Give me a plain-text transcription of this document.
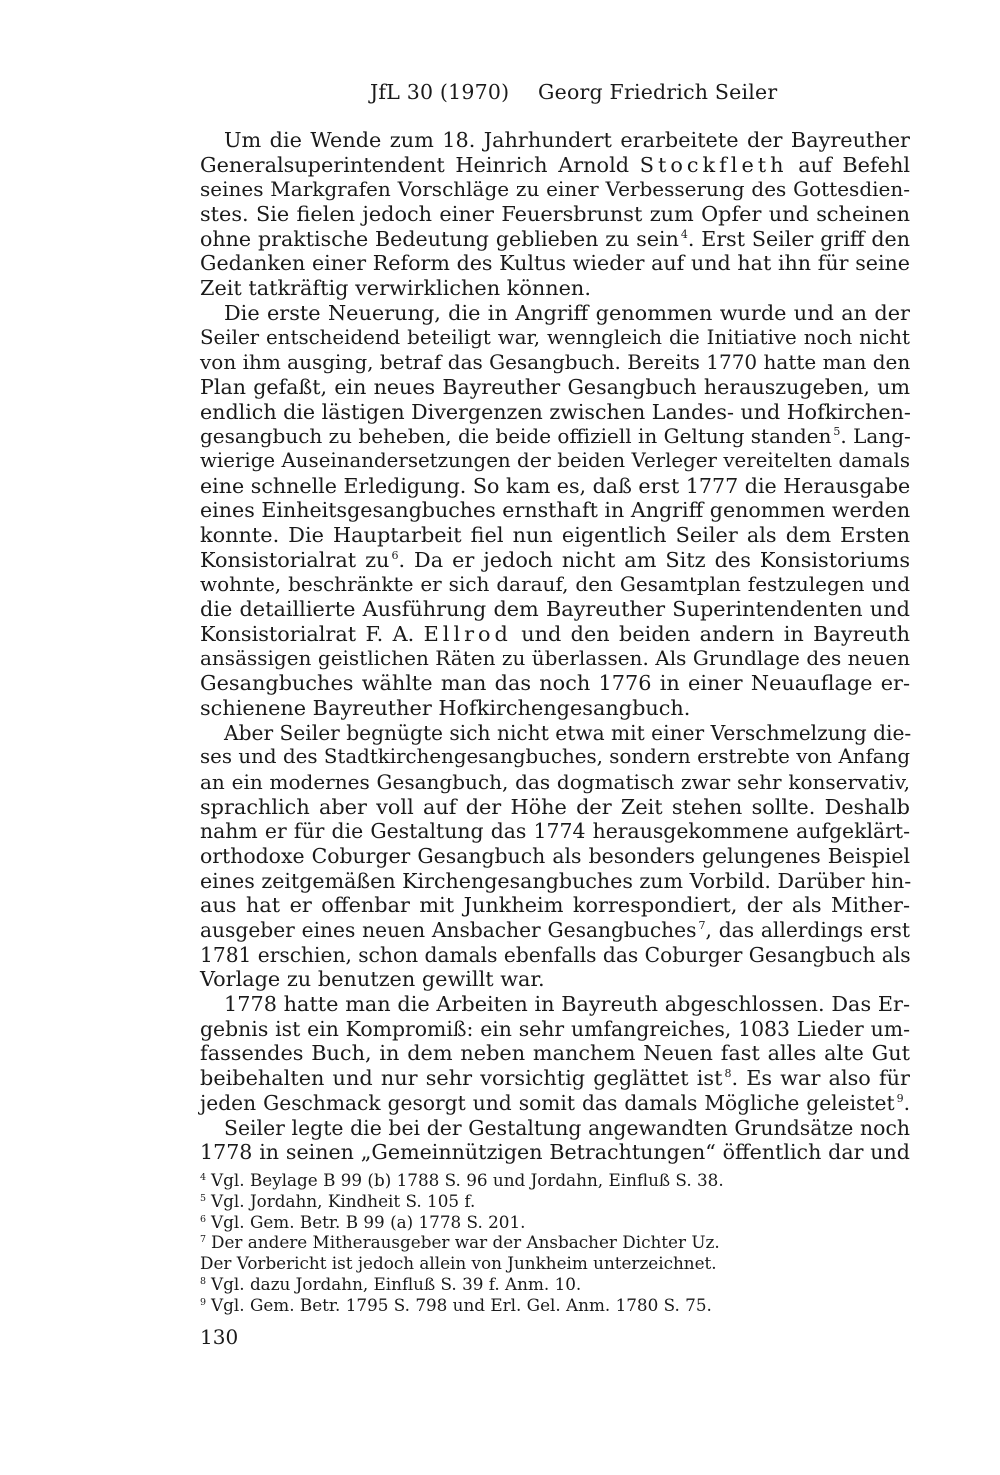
JfL 30 (1970) Georg Friedrich Seiler
Um die Wende zum 18. Jahrhundert erarbeitete der Bayreuther
Generalsuperintendent Heinrich Arnold Stockfleth auf Befehl
seines Markgrafen Vorschläge zu einer Verbesserung des Gottesdien-
stes. Sie fielen jedoch einer Feuersbrunst zum Opfer und scheinen
ohne praktische Bedeutung geblieben zu sein $^4$. Erst Seiler griff den
Gedanken einer Reform des Kultus wieder auf und hat ihn für seine
Zeit tatkräftig verwirklichen können.
Die erste Neuerung, die in Angriff genommen wurde und an der
Seiler entscheidend beteiligt war, wenngleich die Initiative noch nicht
von ihm ausging, betraf das Gesangbuch. Bereits 1770 hatte man den
Plan gefaßt, ein neues Bayreuther Gesangbuch herauszugeben, um
endlich die lästigen Divergenzen zwischen Landes- und Hofkirchen-
gesangbuch zu beheben, die beide offiziell in Geltung standen $^5$. Lang-
wierige Auseinandersetzungen der beiden Verleger vereitelten damals
eine schnelle Erledigung. So kam es, daß erst 1777 die Herausgabe
eines Einheitsgesangbuches ernsthaft in Angriff genommen werden
konnte. Die Hauptarbeit fiel nun eigentlich Seiler als dem Ersten
Konsistorialrat zu $^6$. Da er jedoch nicht am Sitz des Konsistoriums
wohnte, beschränkte er sich darauf, den Gesamtplan festzulegen und
die detaillierte Ausführung dem Bayreuther Superintendenten und
Konsistorialrat F. A. Ellrod und den beiden andern in Bayreuth
ansässigen geistlichen Räten zu überlassen. Als Grundlage des neuen
Gesangbuches wählte man das noch 1776 in einer Neuauflage er-
schienene Bayreuther Hofkirchengesangbuch.
Aber Seiler begnügte sich nicht etwa mit einer Verschmelzung die-
ses und des Stadtkirchengesangbuches, sondern erstrebte von Anfang
an ein modernes Gesangbuch, das dogmatisch zwar sehr konservativ,
sprachlich aber voll auf der Höhe der Zeit stehen sollte. Deshalb
nahm er für die Gestaltung das 1774 herausgekommene aufgeklärt-
orthodoxe Coburger Gesangbuch als besonders gelungenes Beispiel
eines zeitgemäßen Kirchengesangbuches zum Vorbild. Darüber hin-
aus hat er offenbar mit Junkheim korrespondiert, der als Mither-
ausgeber eines neuen Ansbacher Gesangbuches $^7$, das allerdings erst
1781 erschien, schon damals ebenfalls das Coburger Gesangbuch als
Vorlage zu benutzen gewillt war.
1778 hatte man die Arbeiten in Bayreuth abgeschlossen. Das Er-
gebnis ist ein Kompromiß: ein sehr umfangreiches, 1083 Lieder um-
fassendes Buch, in dem neben manchem Neuen fast alles alte Gut
beibehalten und nur sehr vorsichtig geglättet ist $^8$. Es war also für
jeden Geschmack gesorgt und somit das damals Mögliche geleistet $^9$.
Seiler legte die bei der Gestaltung angewandten Grundsätze noch
1778 in seinen „Gemeinnützigen Betrachtungen“ öffentlich dar und
$^4$ Vgl. Beylage B 99 (b) 1788 S. 96 und Jordahn, Einfluß S. 38.
$^5$ Vgl. Jordahn, Kindheit S. 105 f.
$^6$ Vgl. Gem. Betr. B 99 (a) 1778 S. 201.
$^7$ Der andere Mitherausgeber war der Ansbacher Dichter Uz.
Der Vorbericht ist jedoch allein von Junkheim unterzeichnet.
$^8$ Vgl. dazu Jordahn, Einfluß S. 39 f. Anm. 10.
$^9$ Vgl. Gem. Betr. 1795 S. 798 und Erl. Gel. Anm. 1780 S. 75.
130
